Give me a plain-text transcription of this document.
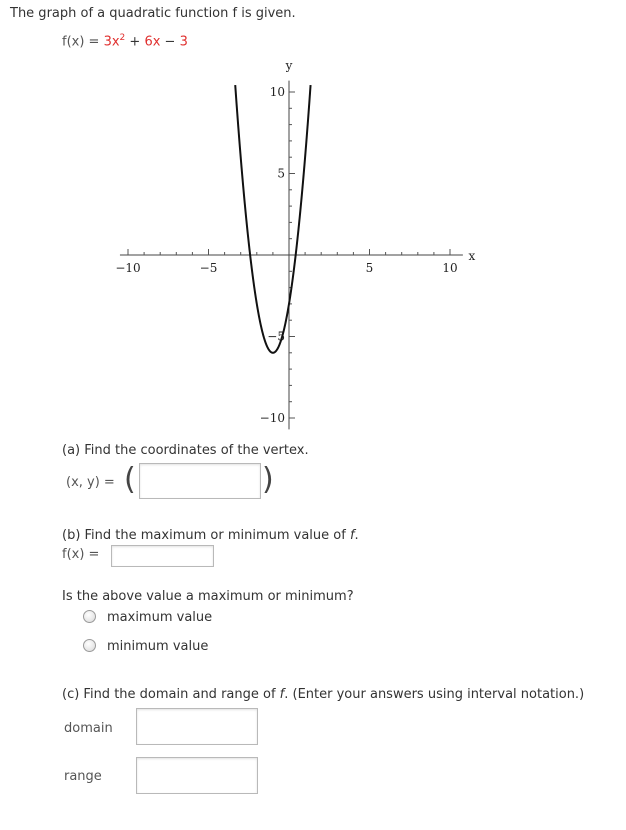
The graph of a quadratic function f is given.
$f(x) = 3x^2 + 6x - 3$
−10	−5	5	10
10
5
−5
−10
x
y
(a) Find the coordinates of the vertex.
(x, y) = (	)
(b) Find the maximum or minimum value of f.
f(x) =
Is the above value a maximum or minimum?
maximum value
minimum value
(c) Find the domain and range of f. (Enter your answers using interval notation.)
domain
range
